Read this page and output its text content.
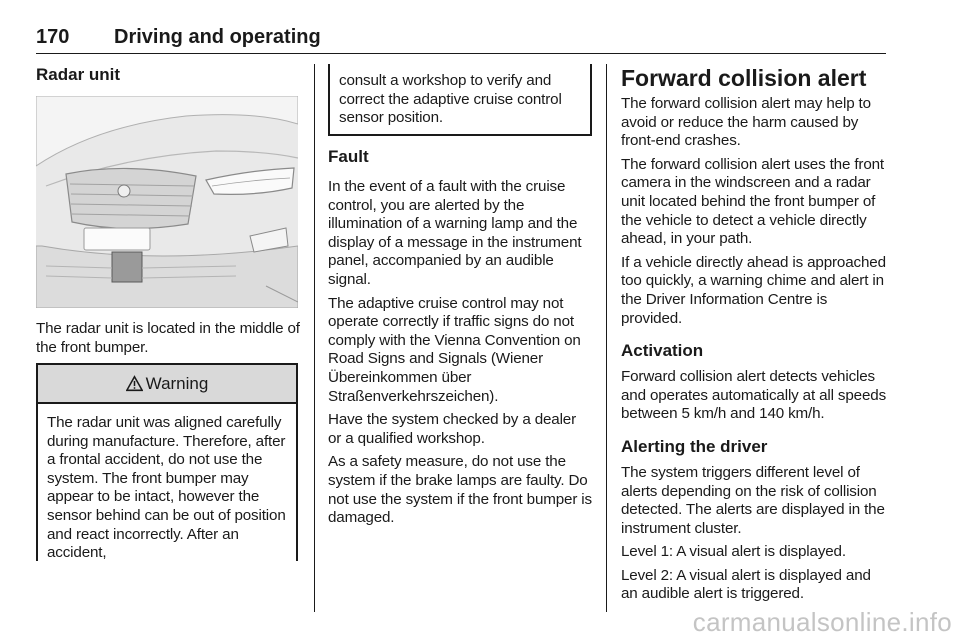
170 Driving and operating
Radar unit

The radar unit is located in the middle of the front bumper.

Warning

The radar unit was aligned carefully during manufacture. Therefore, after a frontal accident, do not use the system. The front bumper may appear to be intact, however the sensor behind can be out of position and react incorrectly. After an accident,

consult a workshop to verify and correct the adaptive cruise control sensor position.

Fault

In the event of a fault with the cruise control, you are alerted by the illumination of a warning lamp and the display of a message in the instrument panel, accompanied by an audible signal.

The adaptive cruise control may not operate correctly if traffic signs do not comply with the Vienna Convention on Road Signs and Signals (Wiener Übereinkommen über Straßenverkehrszeichen).

Have the system checked by a dealer or a qualified workshop.

As a safety measure, do not use the system if the brake lamps are faulty. Do not use the system if the front bumper is damaged.

Forward collision alert

The forward collision alert may help to avoid or reduce the harm caused by front-end crashes.

The forward collision alert uses the front camera in the windscreen and a radar unit located behind the front bumper of the vehicle to detect a vehicle directly ahead, in your path.

If a vehicle directly ahead is approached too quickly, a warning chime and alert in the Driver Information Centre is provided.

Activation

Forward collision alert detects vehicles and operates automatically at all speeds between 5 km/h and 140 km/h.

Alerting the driver

The system triggers different level of alerts depending on the risk of collision detected. The alerts are displayed in the instrument cluster.

Level 1: A visual alert is displayed.

Level 2: A visual alert is displayed and an audible alert is triggered.

carmanualsonline.info
